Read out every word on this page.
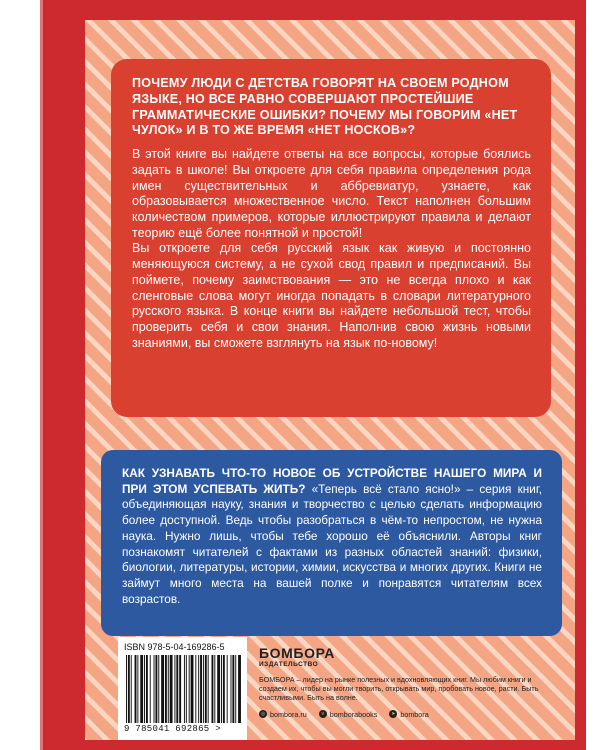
ПОЧЕМУ ЛЮДИ С ДЕТСТВА ГОВОРЯТ НА СВОЕМ РОДНОМ ЯЗЫКЕ, НО ВСЕ РАВНО СОВЕРШАЮТ ПРОСТЕЙШИЕ ГРАММАТИЧЕСКИЕ ОШИБКИ? ПОЧЕМУ МЫ ГОВОРИМ «НЕТ ЧУЛОК» И В ТО ЖЕ ВРЕМЯ «НЕТ НОСКОВ»?

В этой книге вы найдете ответы на все вопросы, которые боялись задать в школе! Вы откроете для себя правила определения рода имен существительных и аббревиатур, узнаете, как образовывается множественное число. Текст наполнен большим количеством примеров, которые иллюстрируют правила и делают теорию ещё более понятной и простой!

Вы откроете для себя русский язык как живую и постоянно меняющуюся систему, а не сухой свод правил и предписаний. Вы поймете, почему заимствования — это не всегда плохо и как сленговые слова могут иногда попадать в словари литературного русского языка. В конце книги вы найдете небольшой тест, чтобы проверить себя и свои знания. Наполнив свою жизнь новыми знаниями, вы сможете взглянуть на язык по-новому!

КАК УЗНАВАТЬ ЧТО-ТО НОВОЕ ОБ УСТРОЙСТВЕ НАШЕГО МИРА И ПРИ ЭТОМ УСПЕВАТЬ ЖИТЬ? «Теперь всё стало ясно!» – серия книг, объединяющая науку, знания и творчество с целью сделать информацию более доступной. Ведь чтобы разобраться в чём-то непростом, не нужна наука. Нужно лишь, чтобы тебе хорошо её объяснили. Авторы книг познакомят читателей с фактами из разных областей знаний: физики, биологии, литературы, истории, химии, искусства и многих других. Книги не займут много места на вашей полке и понравятся читателям всех возрастов.

ISBN 978-5-04-169286-5
9 785041 692865 >
БОМБОРА
ИЗДАТЕЛЬСТВО

БОМБОРА – лидер на рынке полезных и вдохновляющих книг. Мы любим книги и создаем их, чтобы вы могли творить, открывать мир, пробовать новое, расти. Быть счастливыми. Быть на волне.

◎ bombora.ru	v bomborabooks	➤ bombora
